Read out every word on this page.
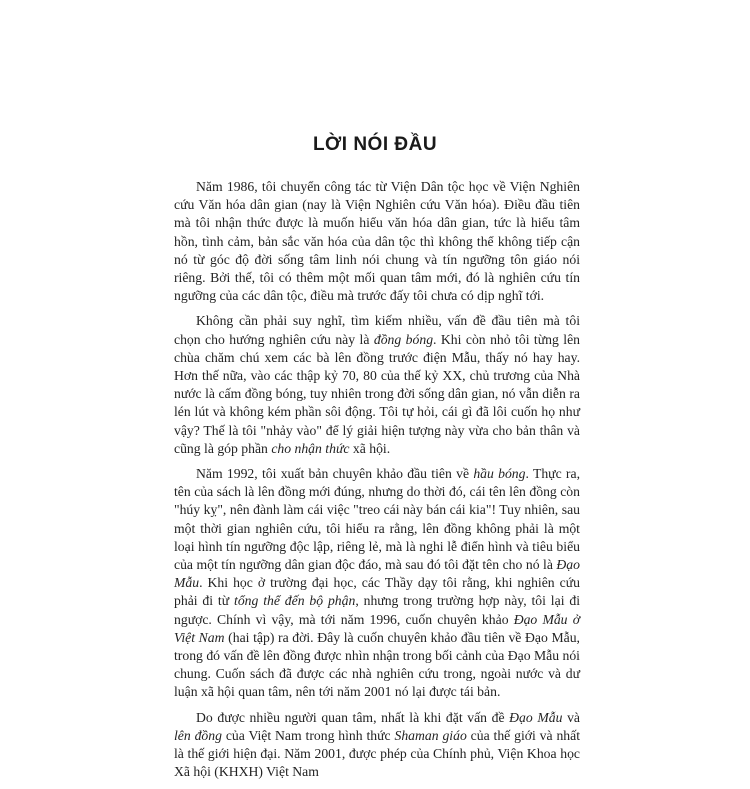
LỜI NÓI ĐẦU

Năm 1986, tôi chuyển công tác từ Viện Dân tộc học về Viện Nghiên cứu Văn hóa dân gian (nay là Viện Nghiên cứu Văn hóa). Điều đầu tiên mà tôi nhận thức được là muốn hiểu văn hóa dân gian, tức là hiểu tâm hồn, tình cảm, bản sắc văn hóa của dân tộc thì không thể không tiếp cận nó từ góc độ đời sống tâm linh nói chung và tín ngưỡng tôn giáo nói riêng. Bởi thế, tôi có thêm một mối quan tâm mới, đó là nghiên cứu tín ngưỡng của các dân tộc, điều mà trước đấy tôi chưa có dịp nghĩ tới.

Không cần phải suy nghĩ, tìm kiếm nhiều, vấn đề đầu tiên mà tôi chọn cho hướng nghiên cứu này là đồng bóng. Khi còn nhỏ tôi từng lên chùa chăm chú xem các bà lên đồng trước điện Mẫu, thấy nó hay hay. Hơn thế nữa, vào các thập kỷ 70, 80 của thế kỷ XX, chủ trương của Nhà nước là cấm đồng bóng, tuy nhiên trong đời sống dân gian, nó vẫn diễn ra lén lút và không kém phần sôi động. Tôi tự hỏi, cái gì đã lôi cuốn họ như vậy? Thế là tôi "nhảy vào" để lý giải hiện tượng này vừa cho bản thân và cũng là góp phần cho nhận thức xã hội.

Năm 1992, tôi xuất bản chuyên khảo đầu tiên về hầu bóng. Thực ra, tên của sách là lên đồng mới đúng, nhưng do thời đó, cái tên lên đồng còn "húy kỵ", nên đành làm cái việc "treo cái này bán cái kia"! Tuy nhiên, sau một thời gian nghiên cứu, tôi hiểu ra rằng, lên đồng không phải là một loại hình tín ngưỡng độc lập, riêng lẻ, mà là nghi lễ điển hình và tiêu biểu của một tín ngưỡng dân gian độc đáo, mà sau đó tôi đặt tên cho nó là Đạo Mẫu. Khi học ở trường đại học, các Thầy dạy tôi rằng, khi nghiên cứu phải đi từ tổng thể đến bộ phận, nhưng trong trường hợp này, tôi lại đi ngược. Chính vì vậy, mà tới năm 1996, cuốn chuyên khảo Đạo Mẫu ở Việt Nam (hai tập) ra đời. Đây là cuốn chuyên khảo đầu tiên về Đạo Mẫu, trong đó vấn đề lên đồng được nhìn nhận trong bối cảnh của Đạo Mẫu nói chung. Cuốn sách đã được các nhà nghiên cứu trong, ngoài nước và dư luận xã hội quan tâm, nên tới năm 2001 nó lại được tái bản.

Do được nhiều người quan tâm, nhất là khi đặt vấn đề Đạo Mẫu và lên đồng của Việt Nam trong hình thức Shaman giáo của thế giới và nhất là thế giới hiện đại. Năm 2001, được phép của Chính phủ, Viện Khoa học Xã hội (KHXH) Việt Nam
